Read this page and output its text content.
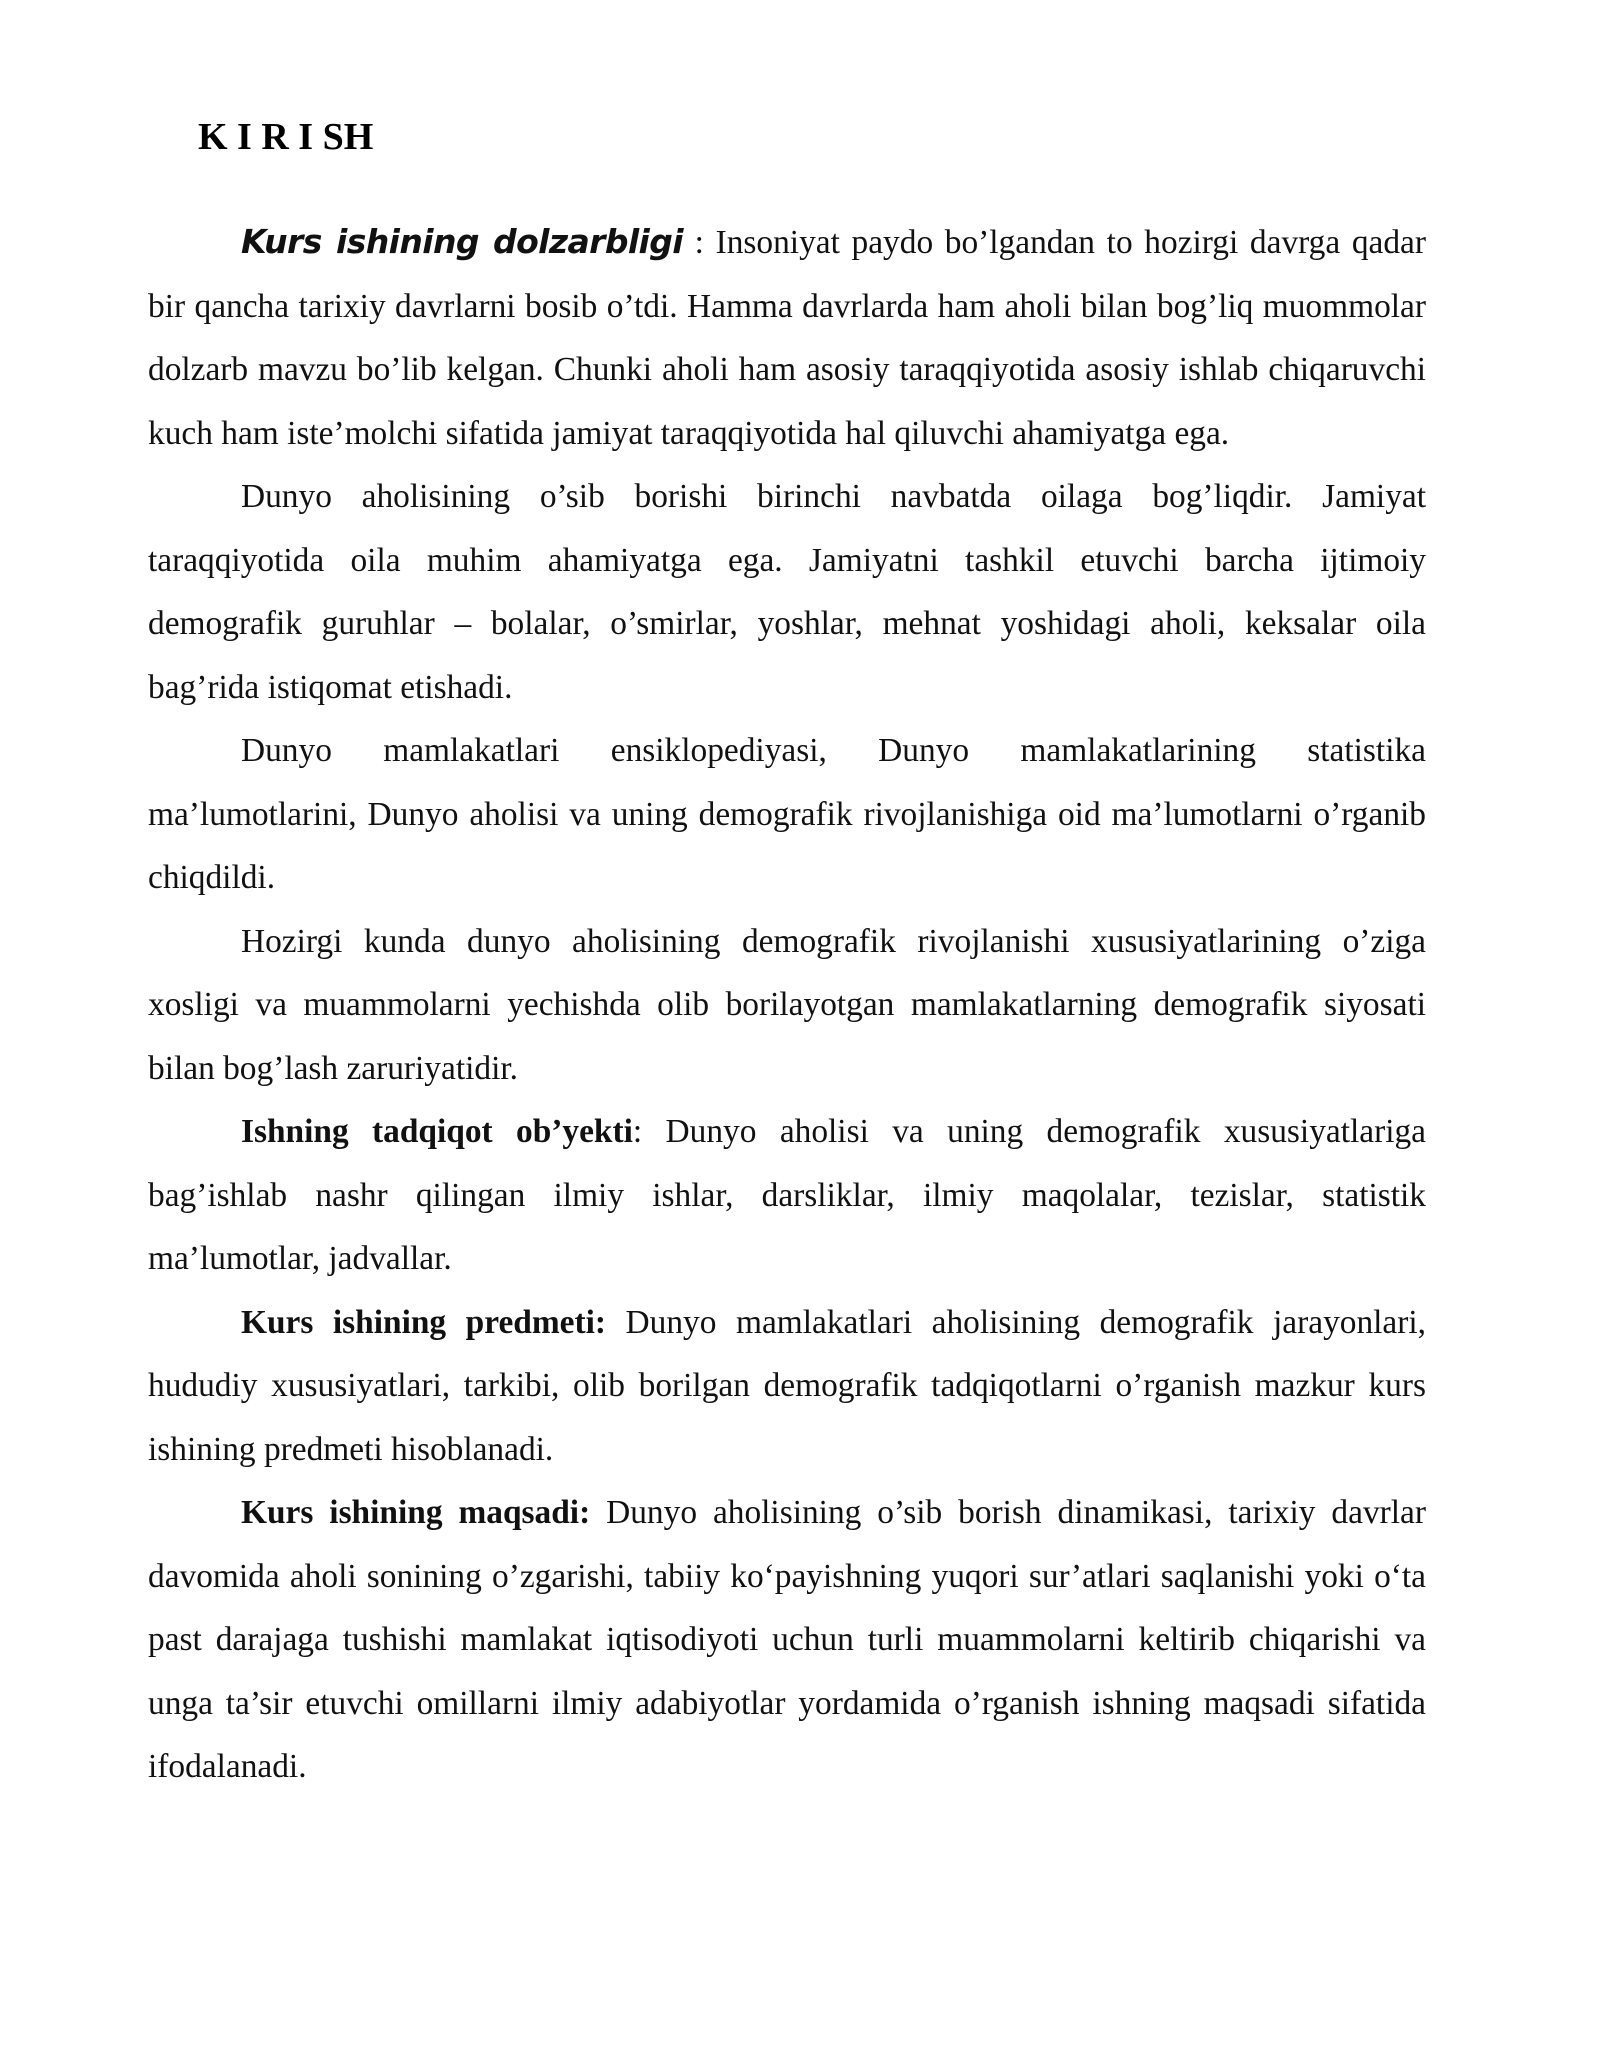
K I R I SH

Kurs ishining dolzarbligi : Insoniyat paydo bo’lgandan to hozirgi davrga qadar bir qancha tarixiy davrlarni bosib o’tdi. Hamma davrlarda ham aholi bilan bog’liq muommolar dolzarb mavzu bo’lib kelgan. Chunki aholi ham asosiy taraqqiyotida asosiy ishlab chiqaruvchi kuch ham iste’molchi sifatida jamiyat taraqqiyotida hal qiluvchi ahamiyatga ega.

Dunyo aholisining o’sib borishi birinchi navbatda oilaga bog’liqdir. Jamiyat taraqqiyotida oila muhim ahamiyatga ega. Jamiyatni tashkil etuvchi barcha ijtimoiy demografik guruhlar – bolalar, o’smirlar, yoshlar, mehnat yoshidagi aholi, keksalar oila bag’rida istiqomat etishadi.

Dunyo mamlakatlari ensiklopediyasi, Dunyo mamlakatlarining statistika ma’lumotlarini, Dunyo aholisi va uning demografik rivojlanishiga oid ma’lumotlarni o’rganib chiqdildi.

Hozirgi kunda dunyo aholisining demografik rivojlanishi xususiyatlarining o’ziga xosligi va muammolarni yechishda olib borilayotgan mamlakatlarning demografik siyosati bilan bog’lash zaruriyatidir.

Ishning tadqiqot ob’yekti: Dunyo aholisi va uning demografik xususiyatlariga bag’ishlab nashr qilingan ilmiy ishlar, darsliklar, ilmiy maqolalar, tezislar, statistik ma’lumotlar, jadvallar.

Kurs ishining predmeti: Dunyo mamlakatlari aholisining demografik jarayonlari, hududiy xususiyatlari, tarkibi, olib borilgan demografik tadqiqotlarni o’rganish mazkur kurs ishining predmeti hisoblanadi.

Kurs ishining maqsadi: Dunyo aholisining o’sib borish dinamikasi, tarixiy davrlar davomida aholi sonining o’zgarishi, tabiiy ko‘payishning yuqori sur’atlari saqlanishi yoki o‘ta past darajaga tushishi mamlakat iqtisodiyoti uchun turli muammolarni keltirib chiqarishi va unga ta’sir etuvchi omillarni ilmiy adabiyotlar yordamida o’rganish ishning maqsadi sifatida ifodalanadi.
